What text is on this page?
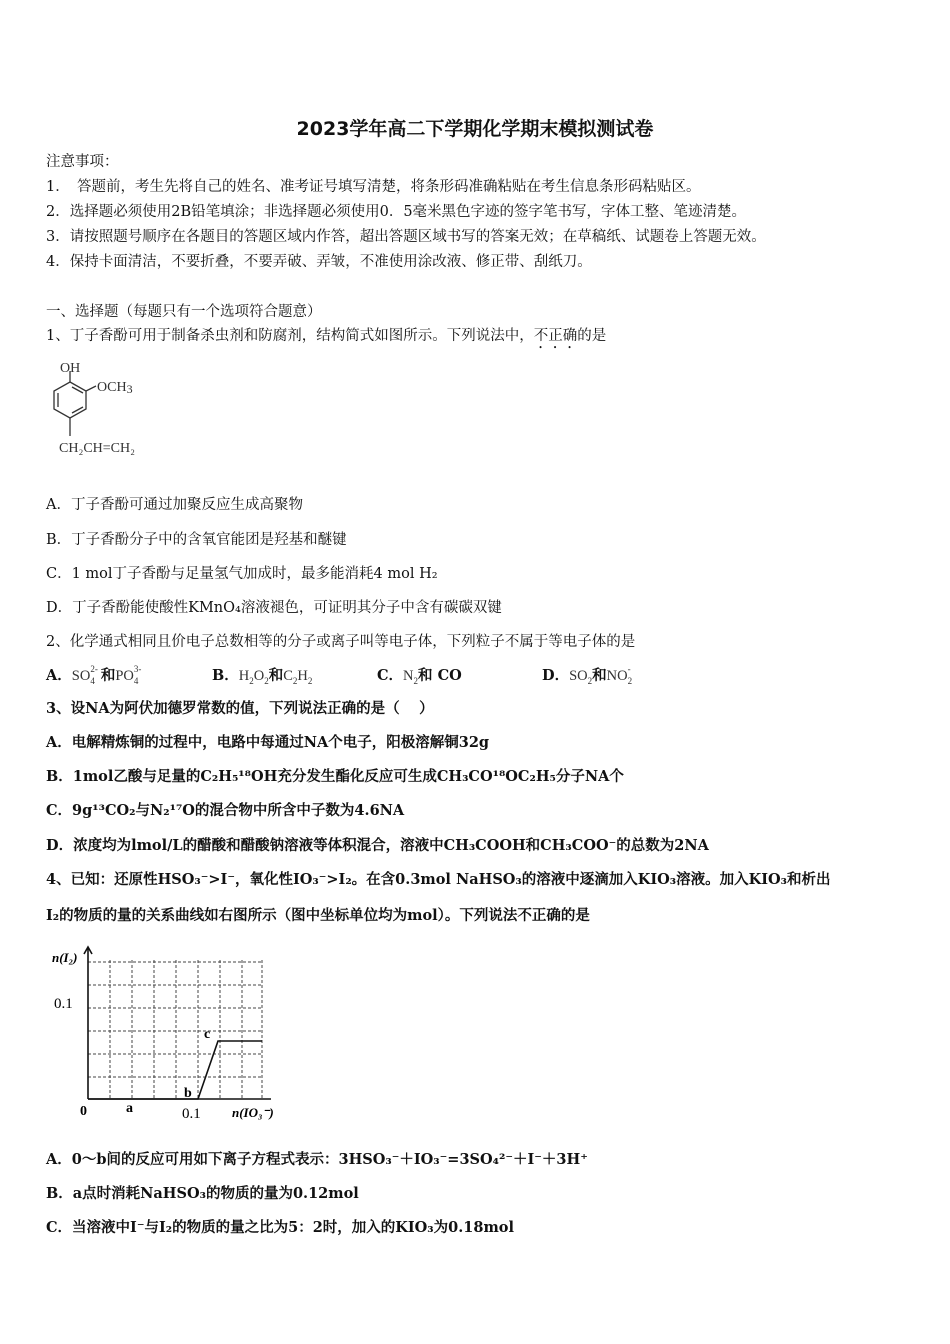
2023学年高二下学期化学期末模拟测试卷
注意事项：
1．　答题前，考生先将自己的姓名、准考证号填写清楚，将条形码准确粘贴在考生信息条形码粘贴区。
2．选择题必须使用2B铅笔填涂；非选择题必须使用0．5毫米黑色字迹的签字笔书写，字体工整、笔迹清楚。
3．请按照题号顺序在各题目的答题区域内作答，超出答题区域书写的答案无效；在草稿纸、试题卷上答题无效。
4．保持卡面清洁，不要折叠，不要弄破、弄皱，不准使用涂改液、修正带、刮纸刀。
一、选择题（每题只有一个选项符合题意）
1、丁子香酚可用于制备杀虫剂和防腐剂，结构简式如图所示。下列说法中，不正确的是
OH
OCH3
CH₂CH=CH₂
A．丁子香酚可通过加聚反应生成高聚物
B．丁子香酚分子中的含氧官能团是羟基和醚键
C．1 mol丁子香酚与足量氢气加成时，最多能消耗4 mol H₂
D．丁子香酚能使酸性KMnO₄溶液褪色，可证明其分子中含有碳碳双键
2、化学通式相同且价电子总数相等的分子或离子叫等电子体，下列粒子不属于等电子体的是
A．SO 2-
$_4$ 和PO 3-
$_4$	B．$H_2O_2$和$C_2H_2$	C．$N_2$和 CO	D．$SO_2$和NO -
$_2$
3、设NA为阿伏加德罗常数的值，下列说法正确的是（　 ）
A．电解精炼铜的过程中，电路中每通过NA个电子，阳极溶解铜32g
B．1mol乙酸与足量的C₂H₅¹⁸OH充分发生酯化反应可生成CH₃CO¹⁸OC₂H₅分子NA个
C．9g¹³CO₂与N₂¹⁷O的混合物中所含中子数为4.6NA
D．浓度均为lmol/L的醋酸和醋酸钠溶液等体积混合，溶液中CH₃COOH和CH₃COO⁻的总数为2NA
4、已知：还原性HSO₃⁻>I⁻，氧化性IO₃⁻>I₂。在含0.3mol NaHSO₃的溶液中逐滴加入KIO₃溶液。加入KIO₃和析出
I₂的物质的量的关系曲线如右图所示（图中坐标单位均为mol）。下列说法不正确的是
n(I₂)
0.1
0	a
b
c
0.1 n(IO₃⁻)
A．0～b间的反应可用如下离子方程式表示：3HSO₃⁻＋IO₃⁻=3SO₄²⁻＋I⁻＋3H⁺
B．a点时消耗NaHSO₃的物质的量为0.12mol
C．当溶液中I⁻与I₂的物质的量之比为5：2时，加入的KIO₃为0.18mol
